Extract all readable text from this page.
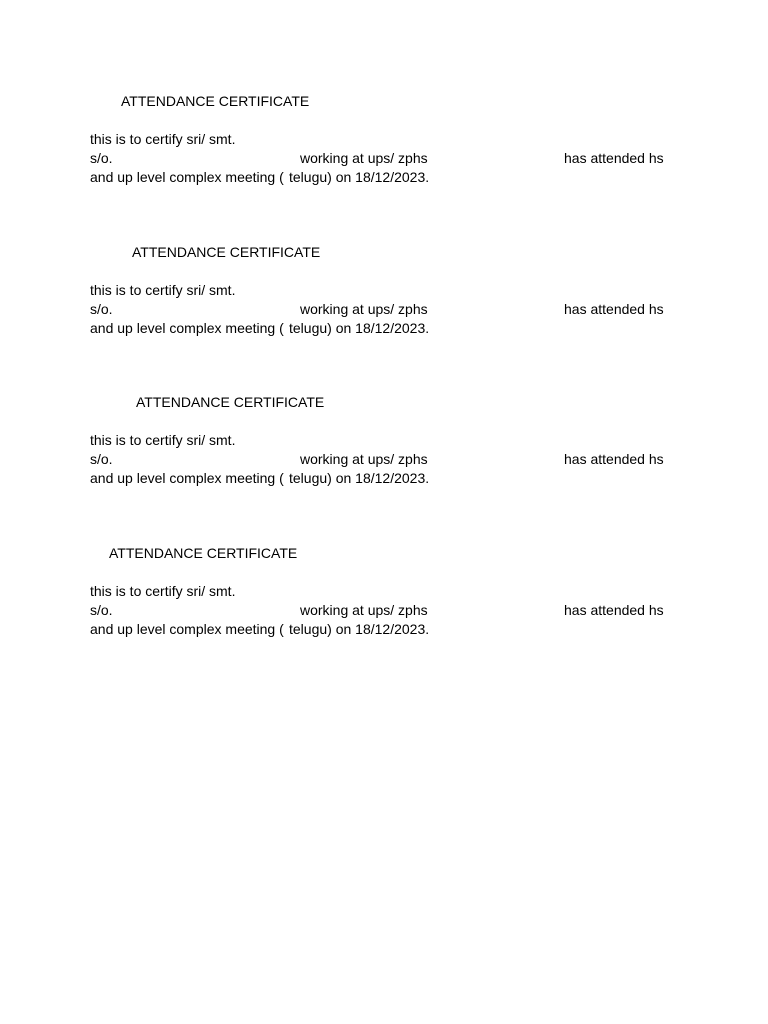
ATTENDANCE CERTIFICATE
this is to certify sri/ smt.
s/o.	working at ups/ zphs	has attended hs
and up level complex meeting ( telugu) on 18/12/2023.
ATTENDANCE CERTIFICATE
this is to certify sri/ smt.
s/o.	working at ups/ zphs	has attended hs
and up level complex meeting ( telugu) on 18/12/2023.
ATTENDANCE CERTIFICATE
this is to certify sri/ smt.
s/o.	working at ups/ zphs	has attended hs
and up level complex meeting ( telugu) on 18/12/2023.
ATTENDANCE CERTIFICATE
this is to certify sri/ smt.
s/o.	working at ups/ zphs	has attended hs
and up level complex meeting ( telugu) on 18/12/2023.
